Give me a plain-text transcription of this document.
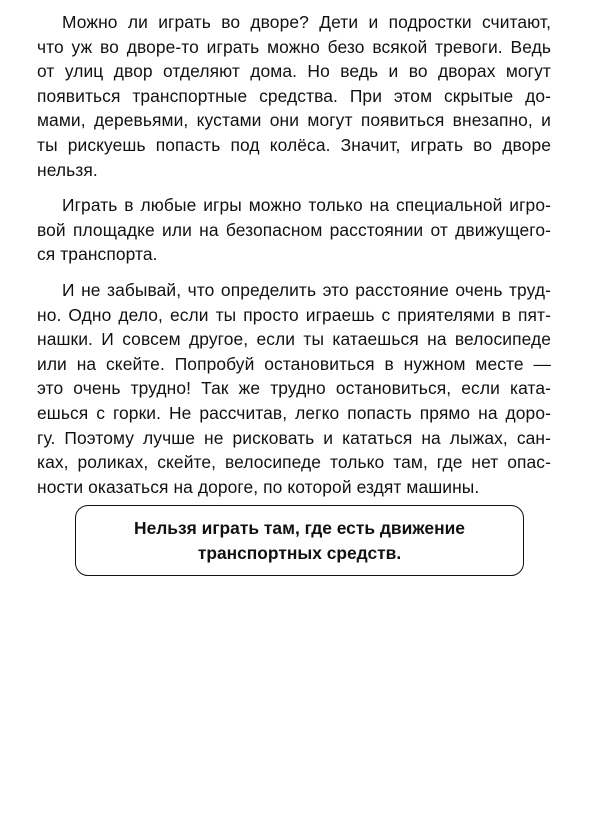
Можно ли играть во дворе? Дети и подростки считают,
что уж во дворе-то играть можно безо всякой тревоги. Ведь
от улиц двор отделяют дома. Но ведь и во дворах могут
появиться транспортные средства. При этом скрытые до-
мами, деревьями, кустами они могут появиться внезапно, и
ты рискуешь попасть под колёса. Значит, играть во дворе
нельзя.

Играть в любые игры можно только на специальной игро-
вой площадке или на безопасном расстоянии от движущего-
ся транспорта.

И не забывай, что определить это расстояние очень труд-
но. Одно дело, если ты просто играешь с приятелями в пят-
нашки. И совсем другое, если ты катаешься на велосипеде
или на скейте. Попробуй остановиться в нужном месте —
это очень трудно! Так же трудно остановиться, если ката-
ешься с горки. Не рассчитав, легко попасть прямо на доро-
гу. Поэтому лучше не рисковать и кататься на лыжах, сан-
ках, роликах, скейте, велосипеде только там, где нет опас-
ности оказаться на дороге, по которой ездят машины.

Нельзя играть там, где есть движение
транспортных средств.
